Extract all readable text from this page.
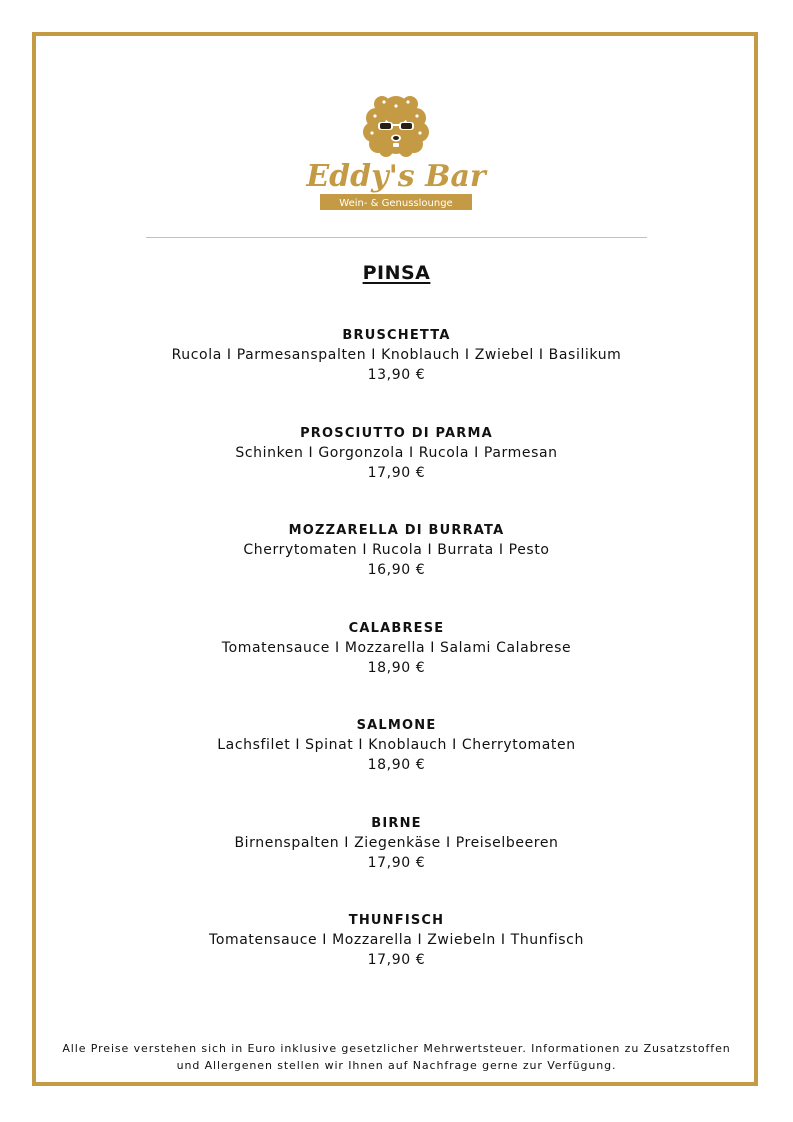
Eddy's Bar
Wein- & Genusslounge
PINSA
BRUSCHETTA
Rucola I Parmesanspalten I Knoblauch I Zwiebel I Basilikum
13,90 €
PROSCIUTTO DI PARMA
Schinken I Gorgonzola I Rucola I Parmesan
17,90 €
MOZZARELLA DI BURRATA
Cherrytomaten I Rucola I Burrata I Pesto
16,90 €
CALABRESE
Tomatensauce I Mozzarella I Salami Calabrese
18,90 €
SALMONE
Lachsfilet I Spinat I Knoblauch I Cherrytomaten
18,90 €
BIRNE
Birnenspalten I Ziegenkäse I Preiselbeeren
17,90 €
THUNFISCH
Tomatensauce I Mozzarella I Zwiebeln I Thunfisch
17,90 €
Alle Preise verstehen sich in Euro inklusive gesetzlicher Mehrwertsteuer. Informationen zu Zusatzstoffen
und Allergenen stellen wir Ihnen auf Nachfrage gerne zur Verfügung.
